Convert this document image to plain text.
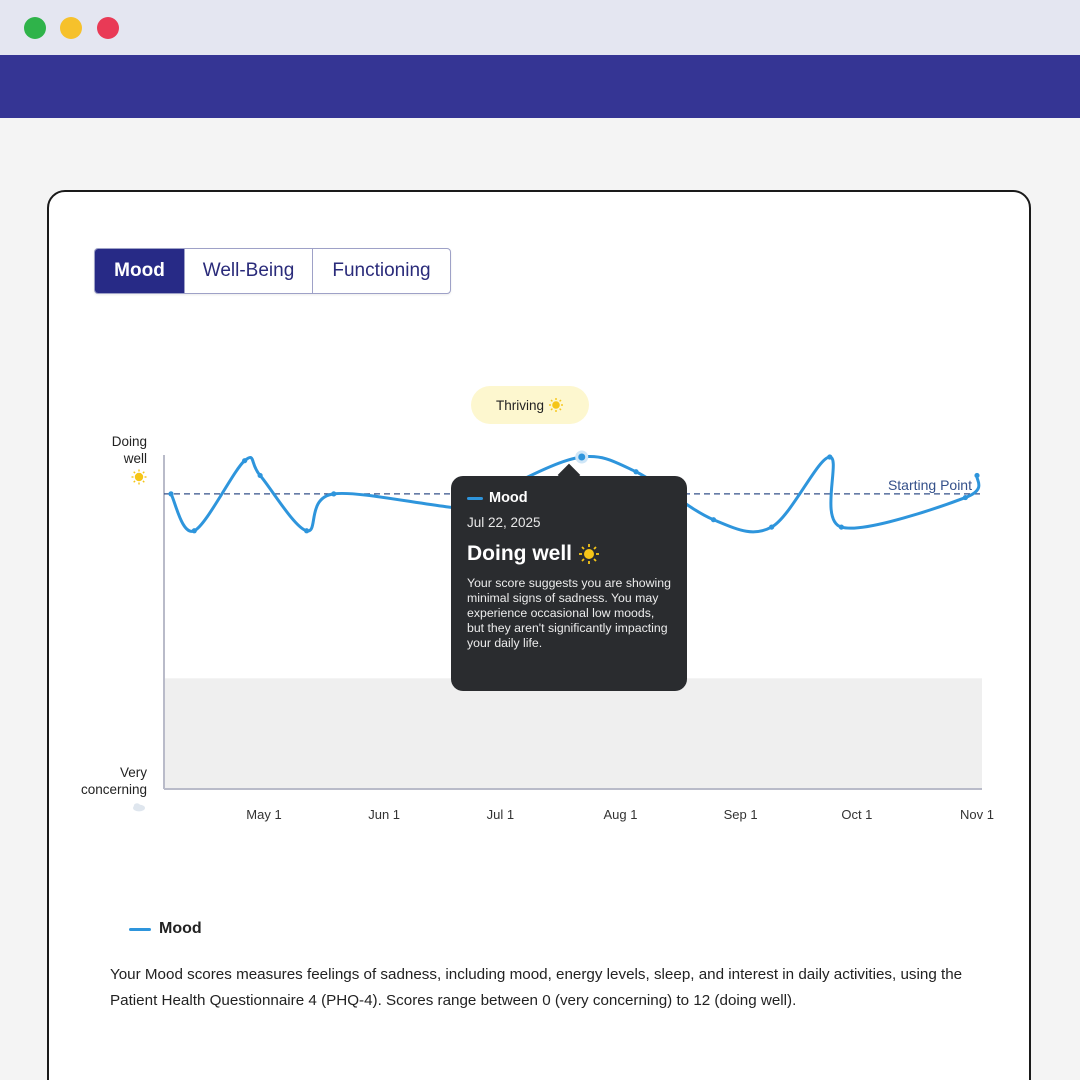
Mood	Well-Being	Functioning
Starting Point
Doing
well
Very
concerning
May 1	Jun 1	Jul 1	Aug 1	Sep 1	Oct 1	Nov 1
Thriving
Mood
Jul 22, 2025
Doing well
Your score suggests you are showing minimal signs of sadness. You may experience occasional low moods, but they aren't significantly impacting your daily life.
Mood

Your Mood scores measures feelings of sadness, including mood, energy levels, sleep, and interest in daily activities, using the Patient Health Questionnaire 4 (PHQ-4). Scores range between 0 (very concerning) to 12 (doing well).
